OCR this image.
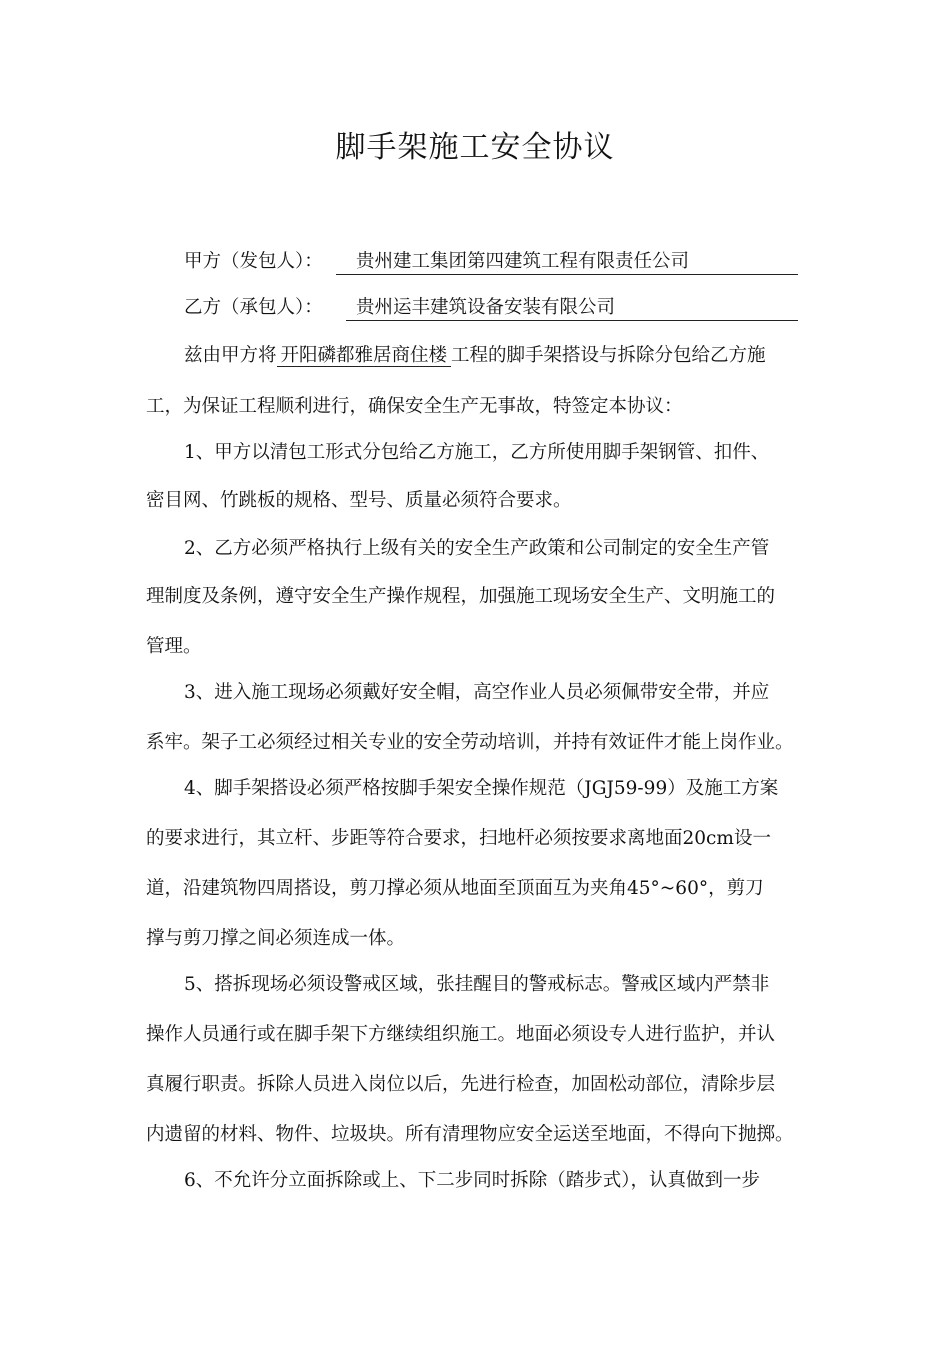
脚手架施工安全协议
甲方（发包人）： 贵州建工集团第四建筑工程有限责任公司
乙方（承包人）： 贵州运丰建筑设备安装有限公司
兹由甲方将 开阳磷都雅居商住楼 工程的脚手架搭设与拆除分包给乙方施
工，为保证工程顺利进行，确保安全生产无事故，特签定本协议：
1、甲方以清包工形式分包给乙方施工，乙方所使用脚手架钢管、扣件、
密目网、竹跳板的规格、型号、质量必须符合要求。
2、乙方必须严格执行上级有关的安全生产政策和公司制定的安全生产管
理制度及条例，遵守安全生产操作规程，加强施工现场安全生产、文明施工的
管理。
3、进入施工现场必须戴好安全帽，高空作业人员必须佩带安全带，并应
系牢。架子工必须经过相关专业的安全劳动培训，并持有效证件才能上岗作业。
4、脚手架搭设必须严格按脚手架安全操作规范（JGJ59-99）及施工方案
的要求进行，其立杆、步距等符合要求，扫地杆必须按要求离地面20cm设一
道，沿建筑物四周搭设，剪刀撑必须从地面至顶面互为夹角45°~60°，剪刀
撑与剪刀撑之间必须连成一体。
5、搭拆现场必须设警戒区域，张挂醒目的警戒标志。警戒区域内严禁非
操作人员通行或在脚手架下方继续组织施工。地面必须设专人进行监护，并认
真履行职责。拆除人员进入岗位以后，先进行检查，加固松动部位，清除步层
内遗留的材料、物件、垃圾块。所有清理物应安全运送至地面，不得向下抛掷。
6、不允许分立面拆除或上、下二步同时拆除（踏步式），认真做到一步
